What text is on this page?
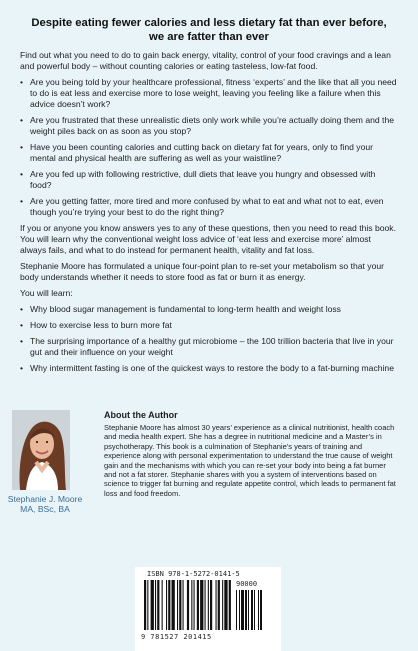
Despite eating fewer calories and less dietary fat than ever before,
we are fatter than ever

Find out what you need to do to gain back energy, vitality, control of your food cravings and a lean and powerful body – without counting calories or eating tasteless, low-fat food.

• Are you being told by your healthcare professional, fitness ‘experts’ and the like that all you need to do is eat less and exercise more to lose weight, leaving you feeling like a failure when this advice doesn’t work?
• Are you frustrated that these unrealistic diets only work while you’re actually doing them and the weight piles back on as soon as you stop?
• Have you been counting calories and cutting back on dietary fat for years, only to find your mental and physical health are suffering as well as your waistline?
• Are you fed up with following restrictive, dull diets that leave you hungry and obsessed with food?
• Are you getting fatter, more tired and more confused by what to eat and what not to eat, even though you’re trying your best to do the right thing?

If you or anyone you know answers yes to any of these questions, then you need to read this book. You will learn why the conventional weight loss advice of ‘eat less and exercise more’ almost always fails, and what to do instead for permanent health, vitality and fat loss.

Stephanie Moore has formulated a unique four-point plan to re-set your metabolism so that your body understands whether it needs to store food as fat or burn it as energy.

You will learn:

• Why blood sugar management is fundamental to long-term health and weight loss
• How to exercise less to burn more fat
• The surprising importance of a healthy gut microbiome – the 100 trillion bacteria that live in your gut and their influence on your weight
• Why intermittent fasting is one of the quickest ways to restore the body to a fat-burning machine
Stephanie J. Moore
MA, BSc, BA
About the Author
Stephanie Moore has almost 30 years’ experience as a clinical nutritionist, health coach and media health expert. She has a degree in nutritional medicine and a Master’s in psychotherapy. This book is a culmination of Stephanie’s years of training and experience along with personal experimentation to understand the true cause of weight gain and the mechanisms with which you can re-set your body into being a fat burner and not a fat storer. Stephanie shares with you a system of interventions based on science to trigger fat burning and regulate appetite control, which leads to permanent fat loss and food freedom.
ISBN 978-1-5272-0141-5
90000
9 781527 201415
